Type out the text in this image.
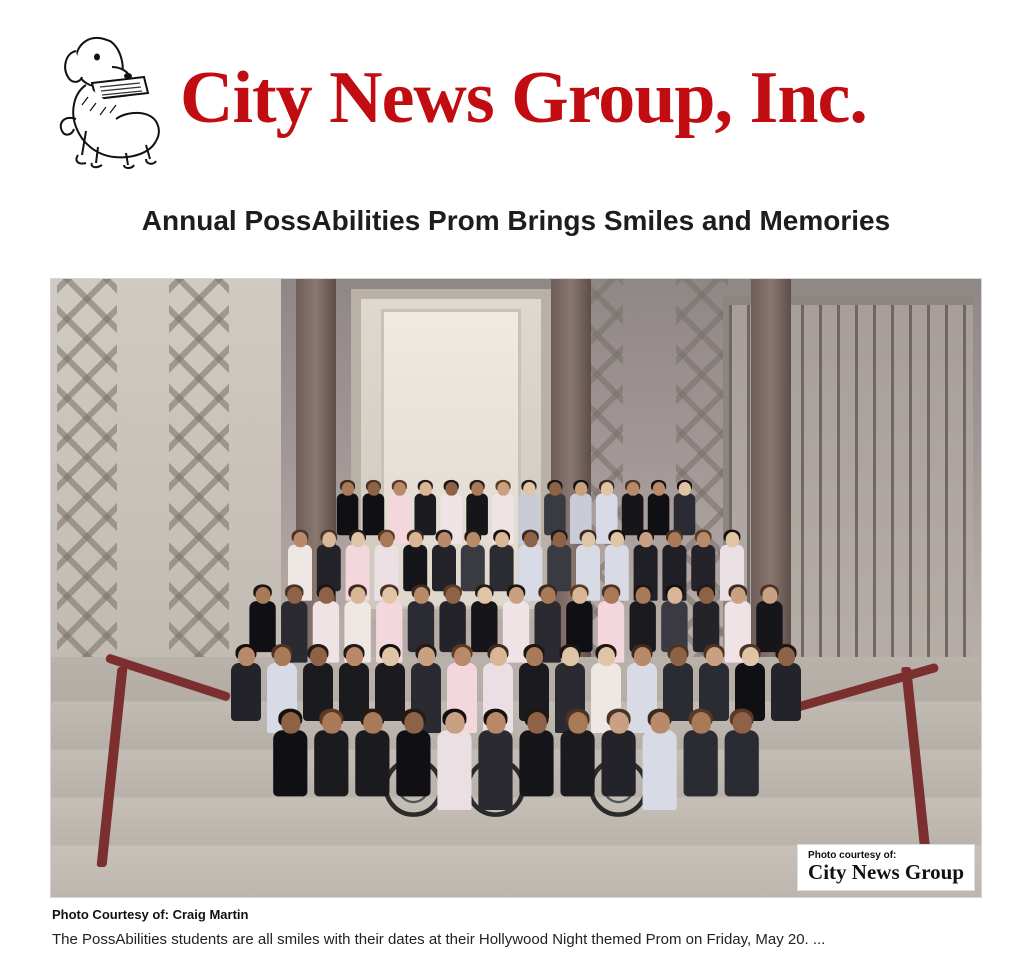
City News Group, Inc.
Annual PossAbilities Prom Brings Smiles and Memories
Photo courtesy of:
City News Group
Photo Courtesy of: Craig Martin
The PossAbilities students are all smiles with their dates at their Hollywood Night themed Prom on Friday, May 20. ...
